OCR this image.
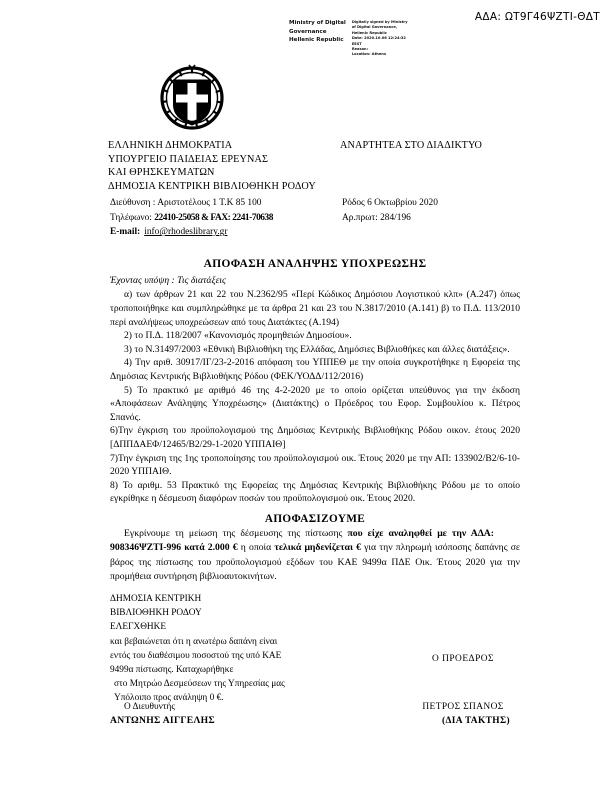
ΑΔΑ: ΩΤ9Γ46ΨΖΤΙ-ΘΔΤ
Ministry of Digital
Governance
Hellenic Republic
Digitally signed by Ministry
of Digital Governance,
Hellenic Republic
Date: 2020.10.06 12:24:32
EEST
Reason:
Location: Athens
ΕΛΛΗΝΙΚΗ ΔΗΜΟΚΡΑΤΙΑ
ΥΠΟΥΡΓΕΙΟ ΠΑΙΔΕΙΑΣ ΕΡΕΥΝΑΣ
ΚΑΙ ΘΡΗΣΚΕΥΜΑΤΩΝ
ΔΗΜΟΣΙΑ ΚΕΝΤΡΙΚΗ ΒΙΒΛΙΟΘΗΚΗ ΡΟΔΟΥ
ΑΝΑΡΤΗΤΕΑ ΣΤΟ ΔΙΑΔΙΚΤΥΟ
Διεύθυνση : Αριστοτέλους 1 Τ.Κ 85 100	Ρόδος 6 Οκτωβρίου 2020
Τηλέφωνο: 22410-25058 & FAX: 2241-70638	Αρ.πρωτ: 284/196
E-mail: info@rhodeslibrary.gr
ΑΠΟΦΑΣΗ ΑΝΑΛΗΨΗΣ ΥΠΟΧΡΕΩΣΗΣ
Έχοντας υπόψη : Τις διατάξεις

α) των άρθρων 21 και 22 του Ν.2362/95 «Περί Κώδικος Δημόσιου Λογιστικού κλπ» (Α.247) όπως τροποποιήθηκε και συμπληρώθηκε με τα άρθρα 21 και 23 του Ν.3817/2010 (Α.141) β) το Π.Δ. 113/2010 περί αναλήψεως υποχρεώσεων από τους Διατάκτες (Α.194)

2) το Π.Δ. 118/2007 «Κανονισμός προμηθειών Δημοσίου».

3) το Ν.31497/2003 «Εθνική Βιβλιοθήκη της Ελλάδας, Δημόσιες Βιβλιοθήκες και άλλες διατάξεις».

4) Την αριθ. 30917/ΙΓ/23-2-2016 απόφαση του ΥΠΠΕΘ με την οποία συγκροτήθηκε η Εφορεία της Δημόσιας Κεντρικής Βιβλιοθήκης Ρόδου (ΦΕΚ/ΥΟΔΔ/112/2016)

5) Το πρακτικό με αριθμό 46 της 4-2-2020 με το οποίο ορίζεται υπεύθυνος για την έκδοση «Αποφάσεων Ανάληψης Υποχρέωσης» (Διατάκτης) ο Πρόεδρος του Εφορ. Συμβουλίου κ. Πέτρος Σπανός.

6)Την έγκριση του προϋπολογισμού της Δημόσιας Κεντρικής Βιβλιοθήκης Ρόδου οικον. έτους 2020 [ΔΠΠΔΑΕΦ/12465/Β2/29-1-2020 ΥΠΠΑΙΘ]

7)Την έγκριση της 1ης τροποποίησης του προϋπολογισμού οικ. Έτους 2020 με την ΑΠ: 133902/Β2/6-10-2020 ΥΠΠΑΙΘ.

8) Το αριθμ. 53 Πρακτικό της Εφορείας της Δημόσιας Κεντρικής Βιβλιοθήκης Ρόδου με το οποίο εγκρίθηκε η δέσμευση διαφόρων ποσών του προϋπολογισμού οικ. Έτους 2020.

ΑΠΟΦΑΣΙΖΟΥΜΕ
Εγκρίνουμε τη μείωση της δέσμευσης της πίστωσης που είχε αναληφθεί με την ΑΔΑ:908346ΨΖΤΙ-996 κατά 2.000 € η οποία τελικά μηδενίζεται € για την πληρωμή ισόποσης δαπάνης σε βάρος της πίστωσης του προϋπολογισμού εξόδων του ΚΑΕ 9499α ΠΔΕ Οικ. Έτους 2020 για την προμήθεια συντήρηση βιβλιοαυτοκινήτων.
ΔΗΜΟΣΙΑ ΚΕΝΤΡΙΚΗ
ΒΙΒΛΙΟΘΗΚΗ ΡΟΔΟΥ
ΕΛΕΓΧΘΗΚΕ
και βεβαιώνεται ότι η ανωτέρω δαπάνη είναι
εντός του διαθέσιμου ποσοστού της υπό ΚΑΕ
9499α πίστωσης. Καταχωρήθηκε
στο Μητρώο Δεσμεύσεων της Υπηρεσίας μας
Υπόλοιπο προς ανάληψη 0 €.
Ο ΠΡΟΕΔΡΟΣ
Ο Διευθυντής
ΑΝΤΩΝΗΣ ΑΙΓΓΕΛΗΣ
ΠΕΤΡΟΣ ΣΠΑΝΟΣ
(ΔΙΑ ΤΑΚΤΗΣ)
